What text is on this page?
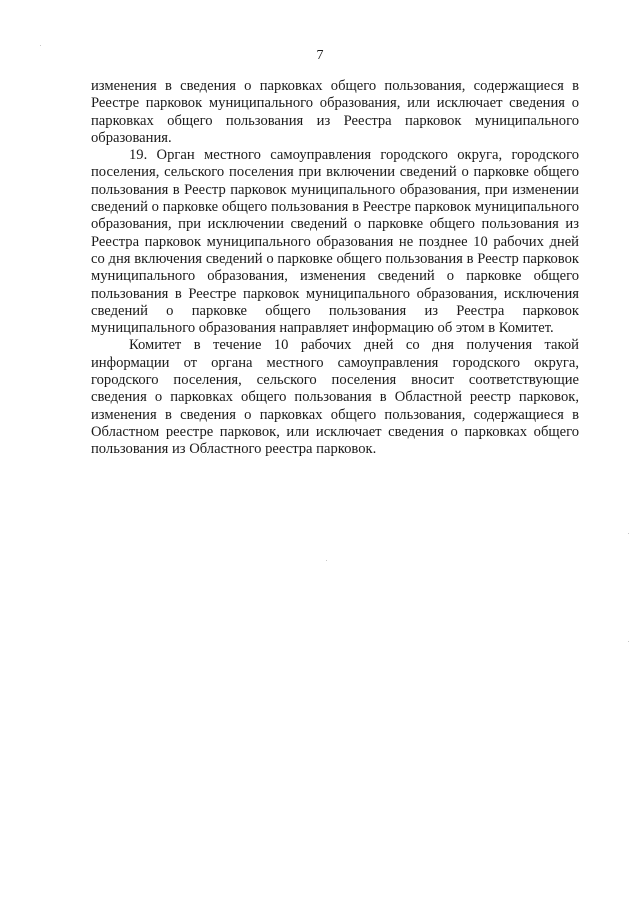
7

изменения в сведения о парковках общего пользования, содержащиеся в Реестре парковок муниципального образования, или исключает сведения о парковках общего пользования из Реестра парковок муниципального образования.

19. Орган местного самоуправления городского округа, городского поселения, сельского поселения при включении сведений о парковке общего пользования в Реестр парковок муниципального образования, при изменении сведений о парковке общего пользования в Реестре парковок муниципального образования, при исключении сведений о парковке общего пользования из Реестра парковок муниципального образования не позднее 10 рабочих дней со дня включения сведений о парковке общего пользования в Реестр парковок муниципального образования, изменения сведений о парковке общего пользования в Реестре парковок муниципального образования, исключения сведений о парковке общего пользования из Реестра парковок муниципального образования направляет информацию об этом в Комитет.

Комитет в течение 10 рабочих дней со дня получения такой информации от органа местного самоуправления городского округа, городского поселения, сельского поселения вносит соответствующие сведения о парковках общего пользования в Областной реестр парковок, изменения в сведения о парковках общего пользования, содержащиеся в Областном реестре парковок, или исключает сведения о парковках общего пользования из Областного реестра парковок.
